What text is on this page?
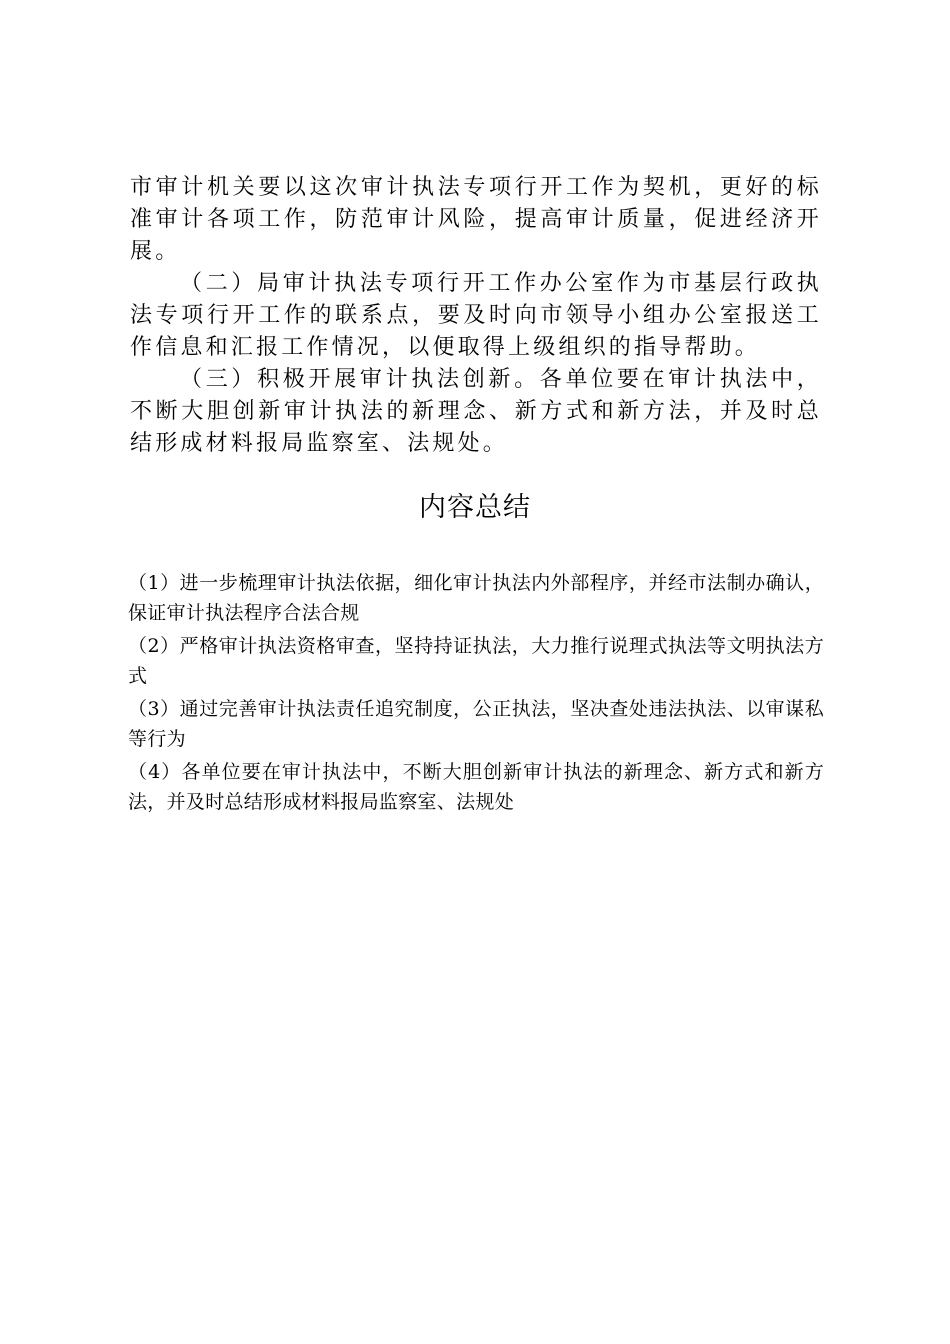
市审计机关要以这次审计执法专项行开工作为契机，更好的标准审计各项工作，防范审计风险，提高审计质量，促进经济开展。

（二）局审计执法专项行开工作办公室作为市基层行政执法专项行开工作的联系点，要及时向市领导小组办公室报送工作信息和汇报工作情况，以便取得上级组织的指导帮助。

（三）积极开展审计执法创新。各单位要在审计执法中，不断大胆创新审计执法的新理念、新方式和新方法，并及时总结形成材料报局监察室、法规处。

内容总结

（1）进一步梳理审计执法依据，细化审计执法内外部程序，并经市法制办确认，保证审计执法程序合法合规

（2）严格审计执法资格审查，坚持持证执法，大力推行说理式执法等文明执法方式

（3）通过完善审计执法责任追究制度，公正执法，坚决查处违法执法、以审谋私等行为

（4）各单位要在审计执法中，不断大胆创新审计执法的新理念、新方式和新方法，并及时总结形成材料报局监察室、法规处
